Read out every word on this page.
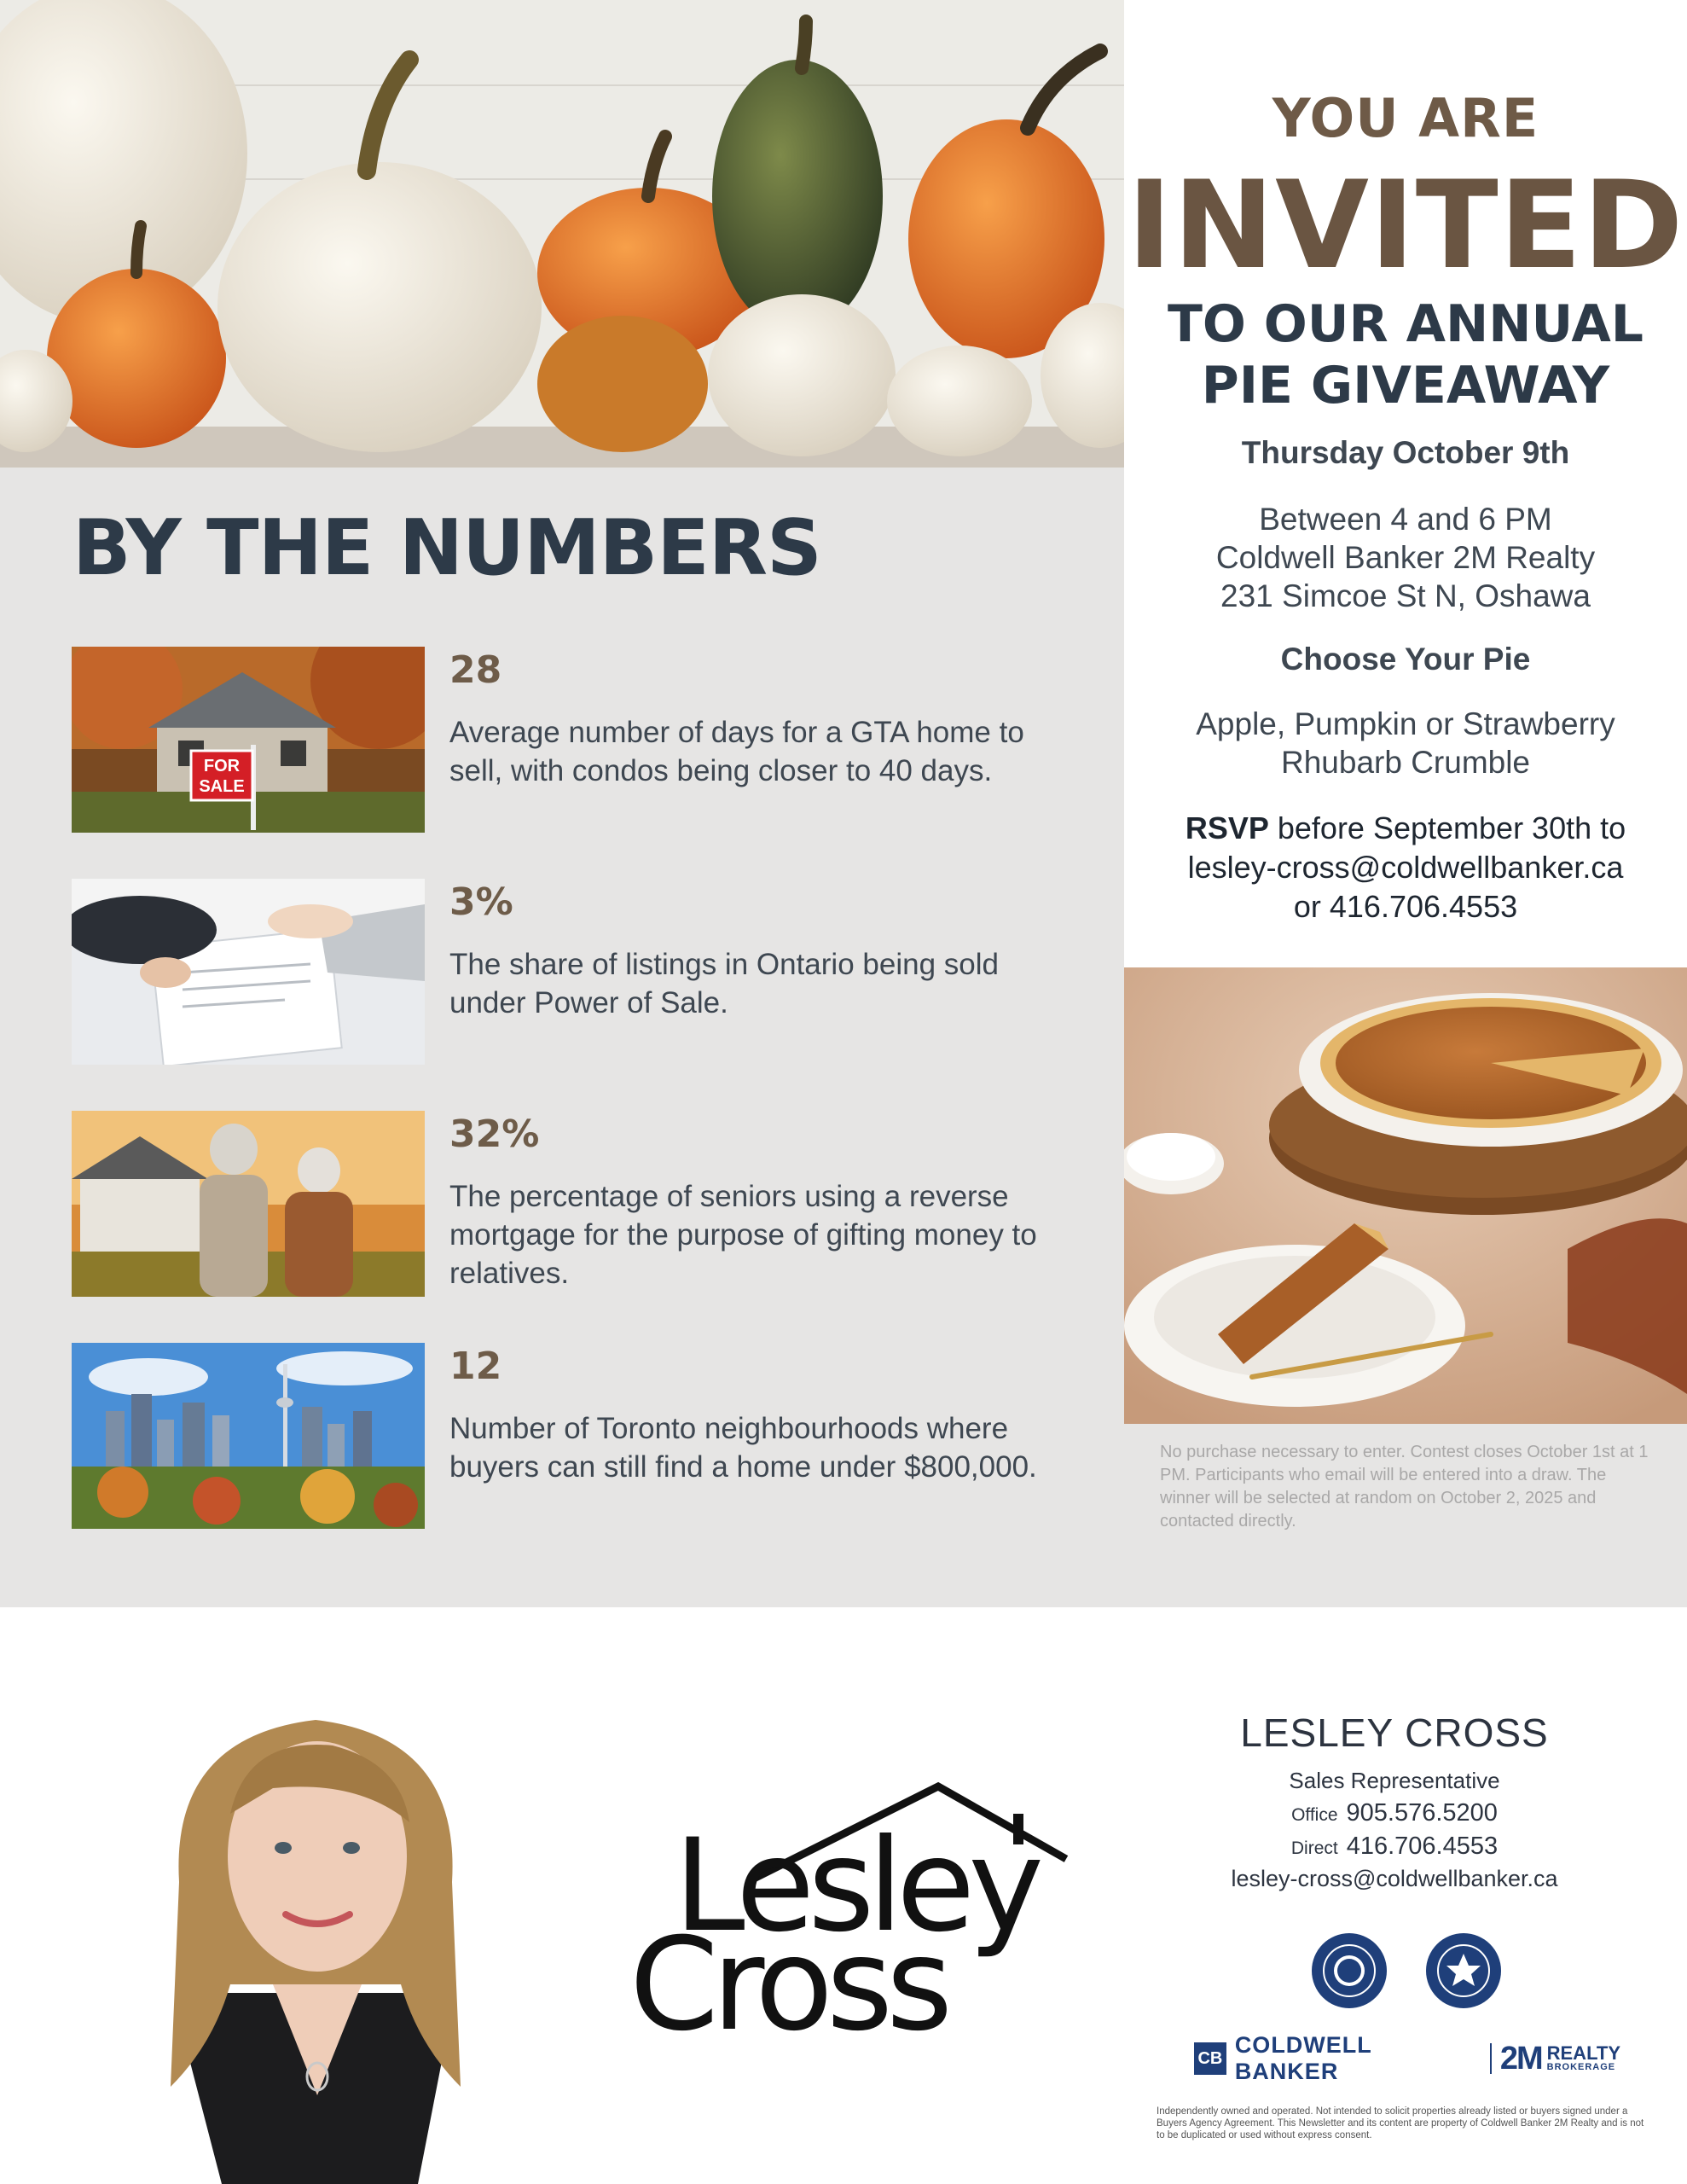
BY THE NUMBERS
FOR
SALE
28
Average number of days for a GTA home to sell, with condos being closer to 40 days.
3%
The share of listings in Ontario being sold under Power of Sale.
32%
The percentage of seniors using a reverse mortgage for the purpose of gifting money to relatives.
12
Number of Toronto neighbourhoods where buyers can still find a home under $800,000.
YOU ARE
INVITED
TO OUR ANNUAL
PIE GIVEAWAY
Thursday October 9th
Between 4 and 6 PM
Coldwell Banker 2M Realty
231 Simcoe St N, Oshawa
Choose Your Pie
Apple, Pumpkin or Strawberry
Rhubarb Crumble
RSVP before September 30th to
lesley-cross@coldwellbanker.ca
or 416.706.4553

No purchase necessary to enter. Contest closes October 1st at 1 PM. Participants who email will be entered into a draw. The winner will be selected at random on October 2, 2025 and contacted directly.

Lesley
Cross
LESLEY CROSS
Sales Representative
Office 905.576.5200
Direct 416.706.4553
lesley-cross@coldwellbanker.ca
CB
COLDWELL BANKER	2M REALTY
BROKERAGE
Independently owned and operated. Not intended to solicit properties already listed or buyers signed under a Buyers Agency Agreement. This Newsletter and its content are property of Coldwell Banker 2M Realty and is not to be duplicated or used without express consent.
